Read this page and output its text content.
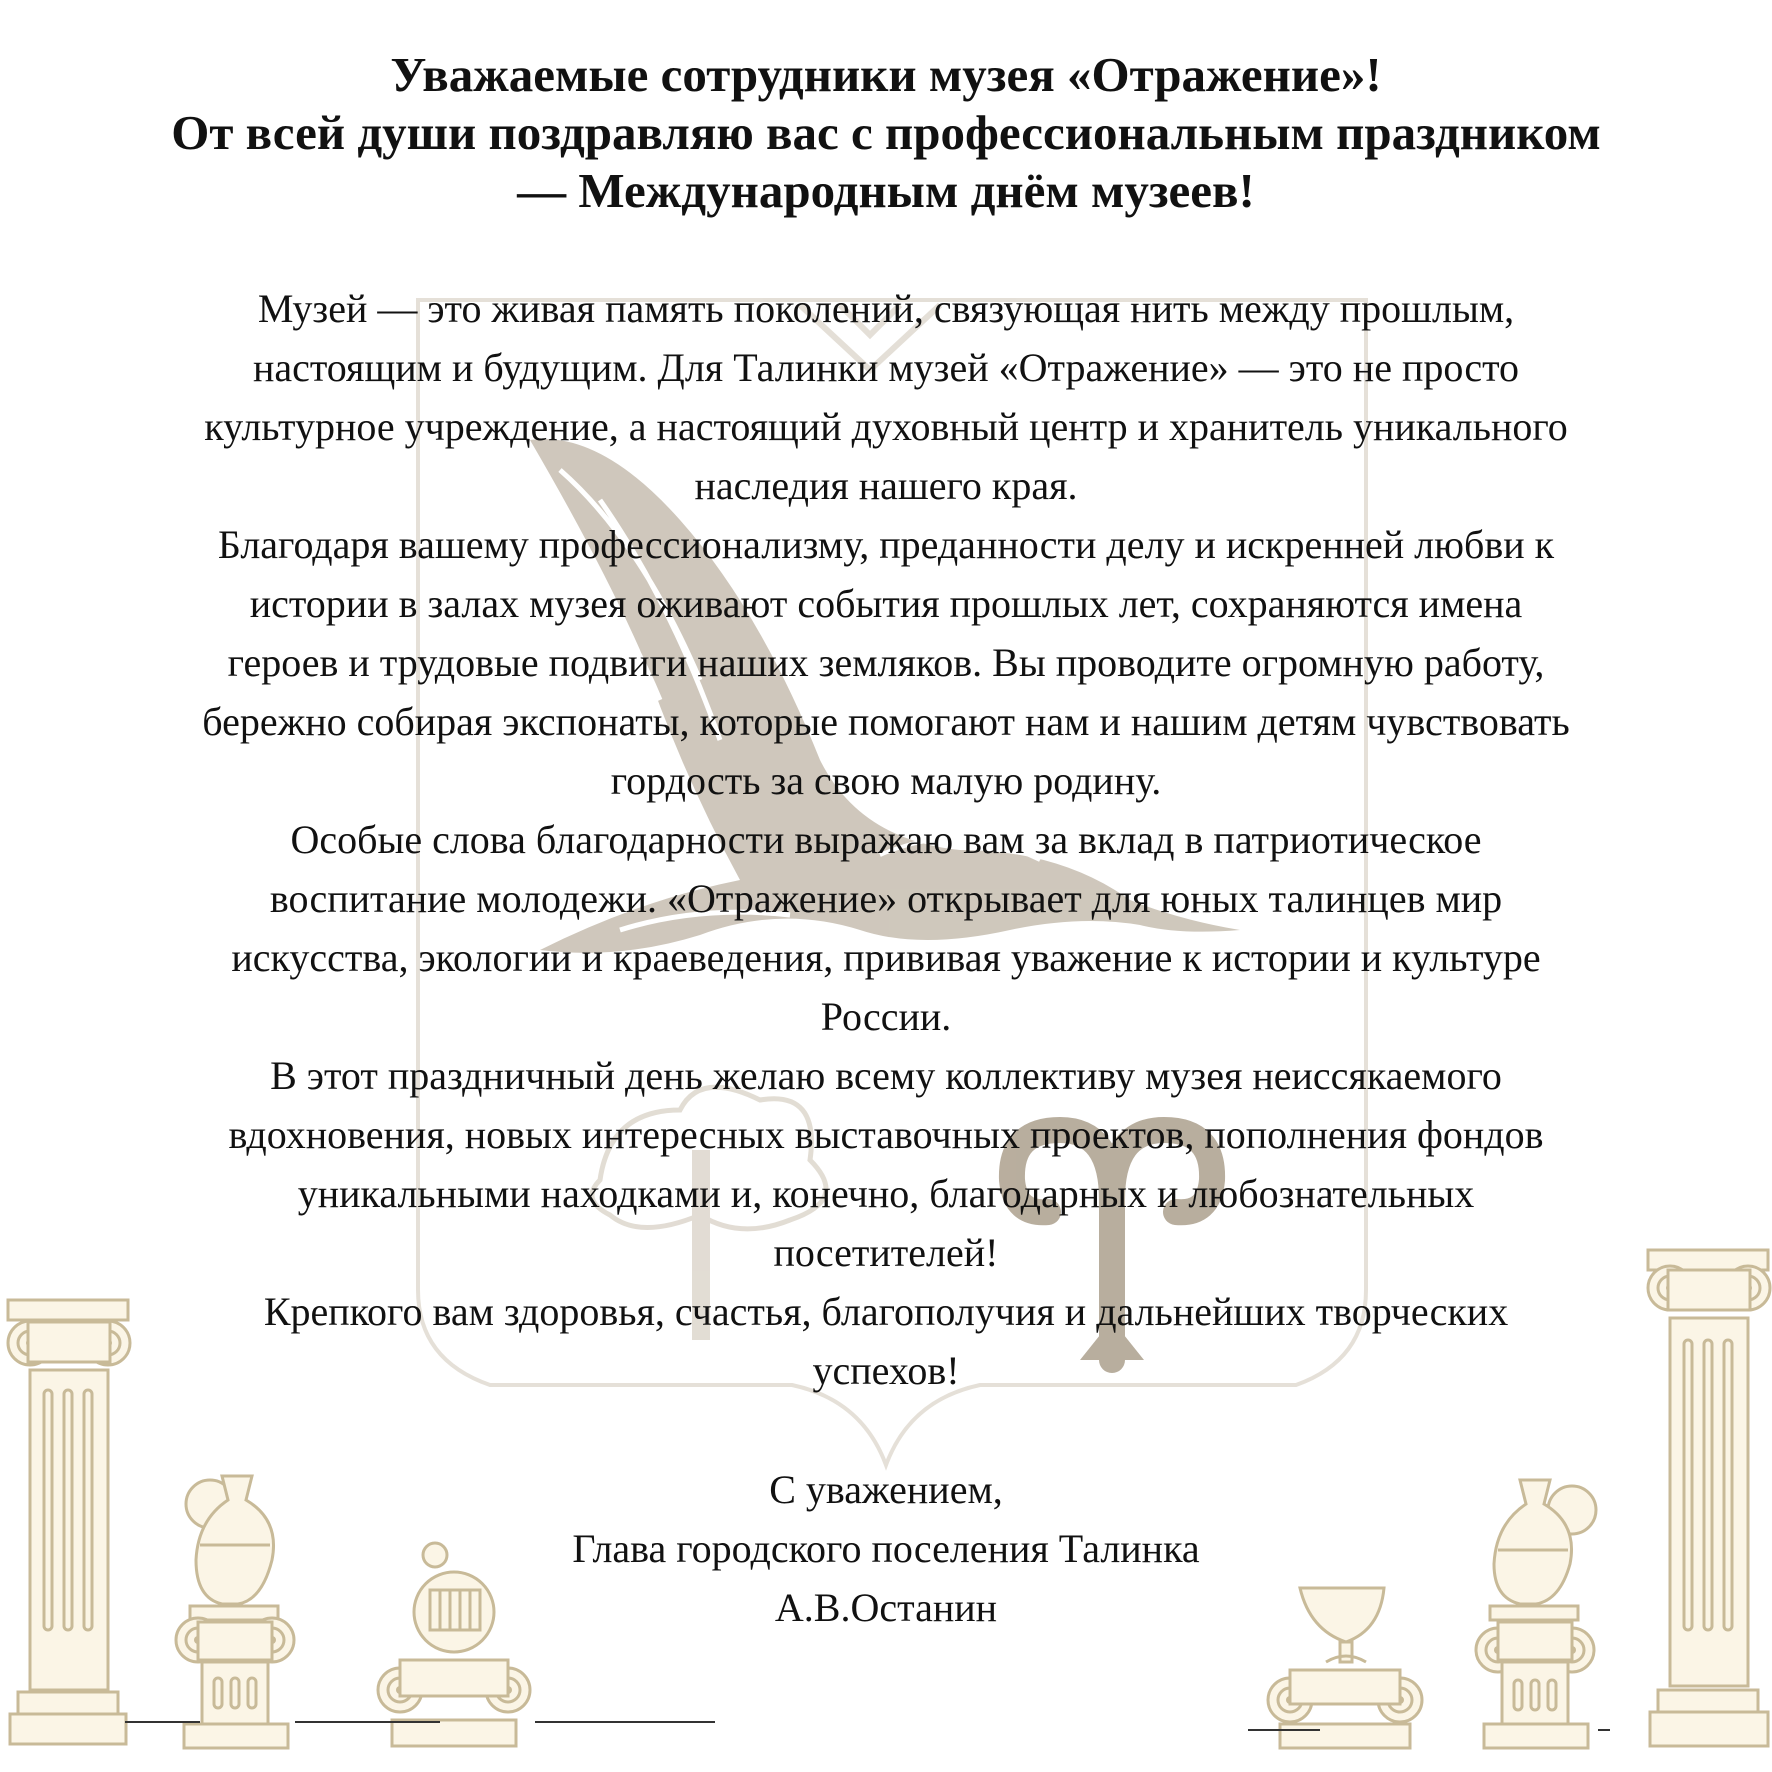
Уважаемые сотрудники музея «Отражение»!

От всей души поздравляю вас с профессиональным праздником

— Международным днём музеев!

Музей — это живая память поколений, связующая нить между прошлым,

настоящим и будущим. Для Талинки музей «Отражение» — это не просто

культурное учреждение, а настоящий духовный центр и хранитель уникального

наследия нашего края.

Благодаря вашему профессионализму, преданности делу и искренней любви к

истории в залах музея оживают события прошлых лет, сохраняются имена

героев и трудовые подвиги наших земляков. Вы проводите огромную работу,

бережно собирая экспонаты, которые помогают нам и нашим детям чувствовать

гордость за свою малую родину.

Особые слова благодарности выражаю вам за вклад в патриотическое

воспитание молодежи. «Отражение» открывает для юных талинцев мир

искусства, экологии и краеведения, прививая уважение к истории и культуре

России.

В этот праздничный день желаю всему коллективу музея неиссякаемого

вдохновения, новых интересных выставочных проектов, пополнения фондов

уникальными находками и, конечно, благодарных и любознательных

посетителей!

Крепкого вам здоровья, счастья, благополучия и дальнейших творческих

успехов!

С уважением,

Глава городского поселения Талинка

А.В.Останин
